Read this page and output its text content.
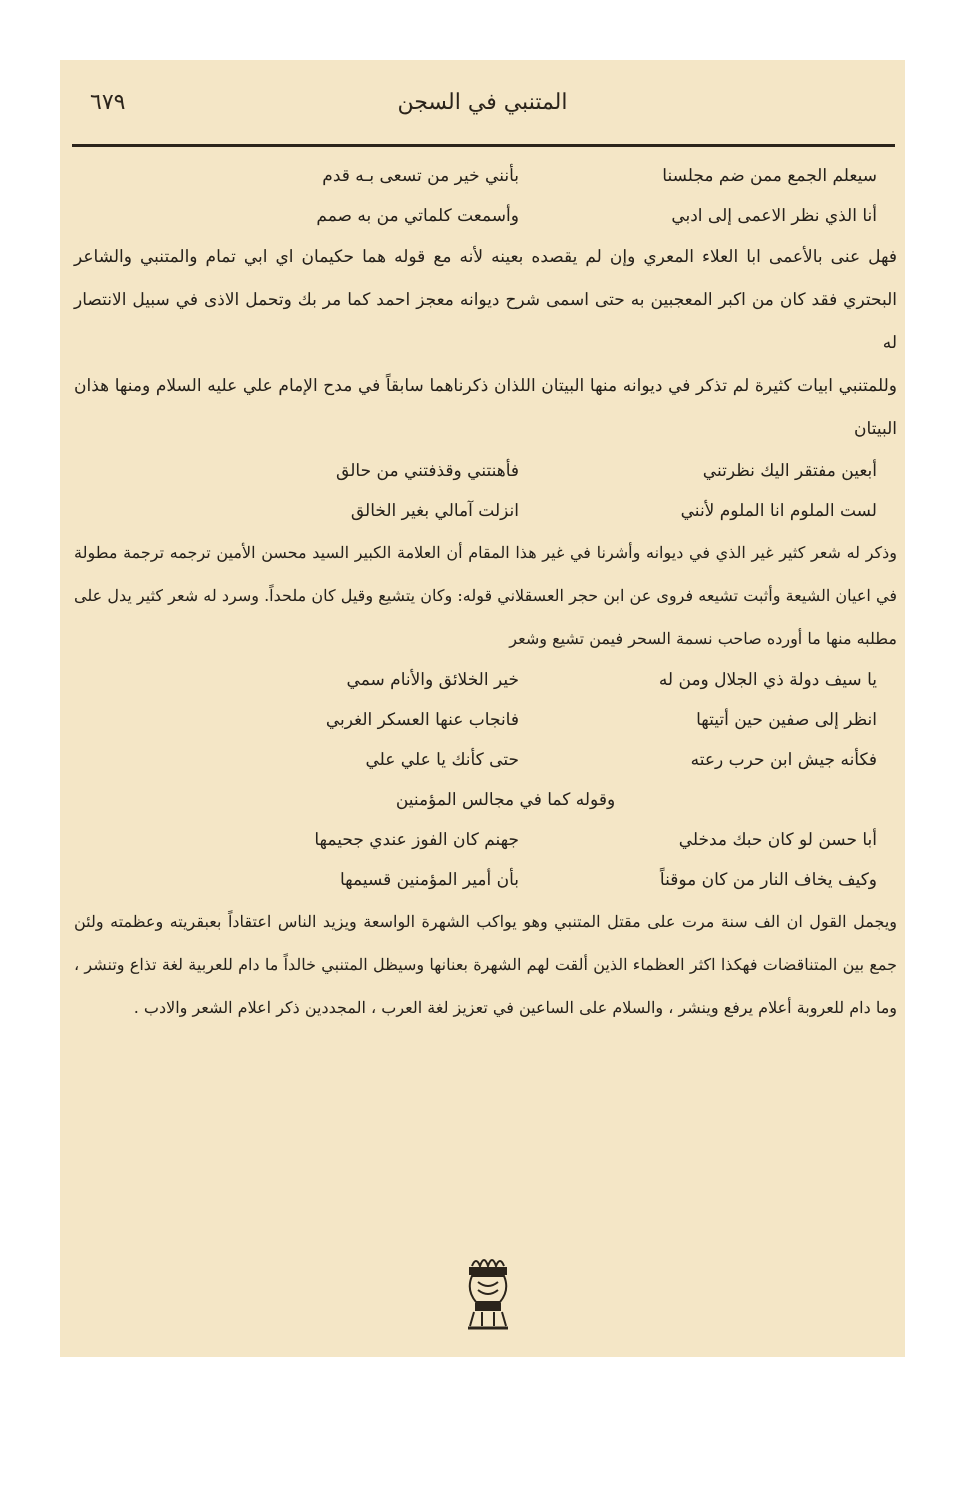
٦٧٩	المتنبي في السجن
سيعلم الجمع ممن ضم مجلسنا
بأنني خير من تسعى بـه قدم
أنا الذي نظر الاعمى إلى ادبي
وأسمعت كلماتي من به صمم

فهل عنى بالأعمى ابا العلاء المعري وإن لم يقصده بعينه لأنه مع قوله هما حكيمان اي ابي تمام والمتنبي والشاعر البحتري فقد كان من اكبر المعجبين به حتى اسمى شرح ديوانه معجز احمد كما مر بك وتحمل الاذى في سبيل الانتصار له

وللمتنبي ابيات كثيرة لم تذكر في ديوانه منها البيتان اللذان ذكرناهما سابقاً في مدح الإمام علي عليه السلام ومنها هذان البيتان

أبعين مفتقر اليك نظرتني
فأهنتني وقذفتني من حالق
لست الملوم انا الملوم لأنني
انزلت آمالي بغير الخالق

وذكر له شعر كثير غير الذي في ديوانه وأشرنا في غير هذا المقام أن العلامة الكبير السيد محسن الأمين ترجمه ترجمة مطولة في اعيان الشيعة وأثبت تشيعه فروى عن ابن حجر العسقلاني قوله: وكان يتشيع وقيل كان ملحداً. وسرد له شعر كثير يدل على مطلبه منها ما أورده صاحب نسمة السحر فيمن تشيع وشعر

يا سيف دولة ذي الجلال ومن له
خير الخلائق والأنام سمي
انظر إلى صفين حين أتيتها
فانجاب عنها العسكر الغربي
فكأنه جيش ابن حرب رعته
حتى كأنك يا علي علي
وقوله كما في مجالس المؤمنين
أبا حسن لو كان حبك مدخلي
جهنم كان الفوز عندي جحيمها
وكيف يخاف النار من كان موقناً
بأن أمير المؤمنين قسيمها

ويجمل القول ان الف سنة مرت على مقتل المتنبي وهو يواكب الشهرة الواسعة ويزيد الناس اعتقاداً بعبقريته وعظمته ولئن جمع بين المتناقضات فهكذا اكثر العظماء الذين ألقت لهم الشهرة بعنانها وسيظل المتنبي خالداً ما دام للعربية لغة تذاع وتنشر ، وما دام للعروبة أعلام يرفع وينشر ، والسلام على الساعين في تعزيز لغة العرب ، المجددين ذكر اعلام الشعر والادب .
